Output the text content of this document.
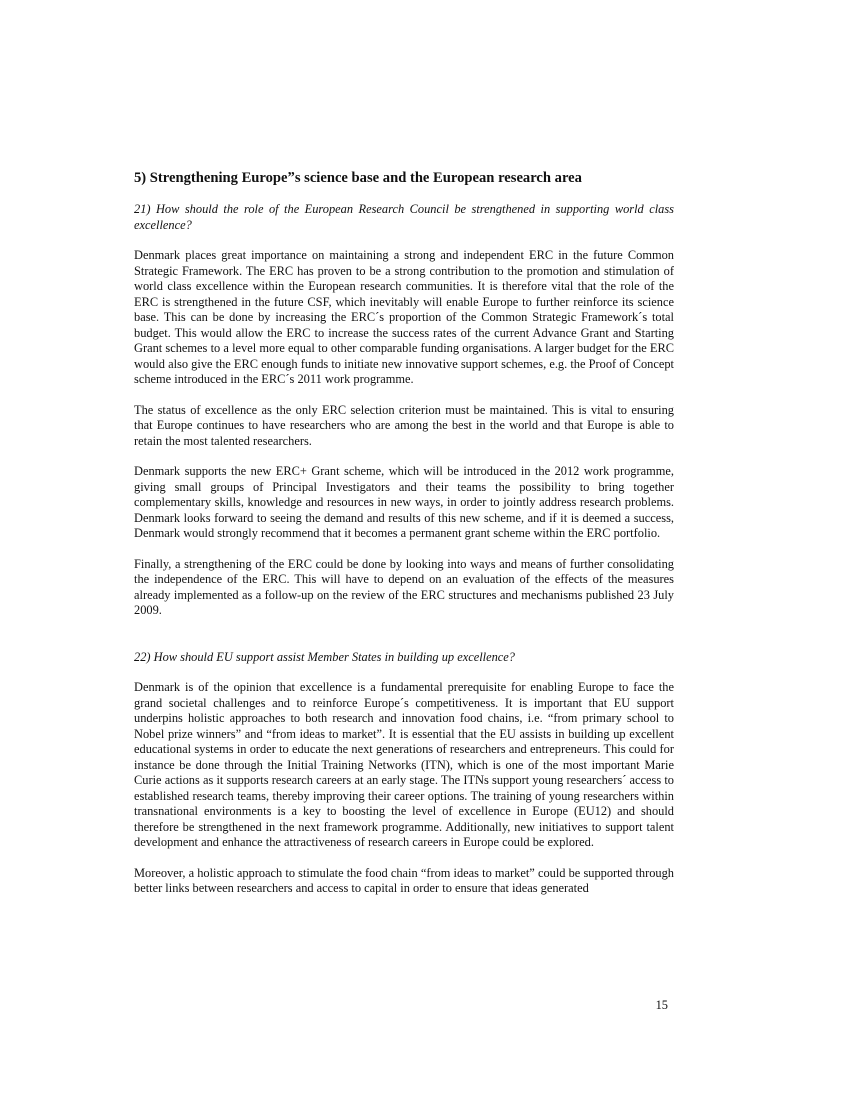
5) Strengthening Europeˮs science base and the European research area

21) How should the role of the European Research Council be strengthened in supporting world class excellence?

Denmark places great importance on maintaining a strong and independent ERC in the future Common Strategic Framework. The ERC has proven to be a strong contribution to the promotion and stimulation of world class excellence within the European research communities. It is therefore vital that the role of the ERC is strengthened in the future CSF, which inevitably will enable Europe to further reinforce its science base. This can be done by increasing the ERC´s proportion of the Common Strategic Framework´s total budget. This would allow the ERC to increase the success rates of the current Advance Grant and Starting Grant schemes to a level more equal to other comparable funding organisations. A larger budget for the ERC would also give the ERC enough funds to initiate new innovative support schemes, e.g. the Proof of Concept scheme introduced in the ERC´s 2011 work programme.

The status of excellence as the only ERC selection criterion must be maintained. This is vital to ensuring that Europe continues to have researchers who are among the best in the world and that Europe is able to retain the most talented researchers.

Denmark supports the new ERC+ Grant scheme, which will be introduced in the 2012 work programme, giving small groups of Principal Investigators and their teams the possibility to bring together complementary skills, knowledge and resources in new ways, in order to jointly address research problems. Denmark looks forward to seeing the demand and results of this new scheme, and if it is deemed a success, Denmark would strongly recommend that it becomes a permanent grant scheme within the ERC portfolio.

Finally, a strengthening of the ERC could be done by looking into ways and means of further consolidating the independence of the ERC. This will have to depend on an evaluation of the effects of the measures already implemented as a follow-up on the review of the ERC structures and mechanisms published 23 July 2009.

22) How should EU support assist Member States in building up excellence?

Denmark is of the opinion that excellence is a fundamental prerequisite for enabling Europe to face the grand societal challenges and to reinforce Europe´s competitiveness. It is important that EU support underpins holistic approaches to both research and innovation food chains, i.e. “from primary school to Nobel prize winners” and “from ideas to market”. It is essential that the EU assists in building up excellent educational systems in order to educate the next generations of researchers and entrepreneurs. This could for instance be done through the Initial Training Networks (ITN), which is one of the most important Marie Curie actions as it supports research careers at an early stage. The ITNs support young researchers´ access to established research teams, thereby improving their career options. The training of young researchers within transnational environments is a key to boosting the level of excellence in Europe (EU12) and should therefore be strengthened in the next framework programme. Additionally, new initiatives to support talent development and enhance the attractiveness of research careers in Europe could be explored.

Moreover, a holistic approach to stimulate the food chain “from ideas to market” could be supported through better links between researchers and access to capital in order to ensure that ideas generated

15
